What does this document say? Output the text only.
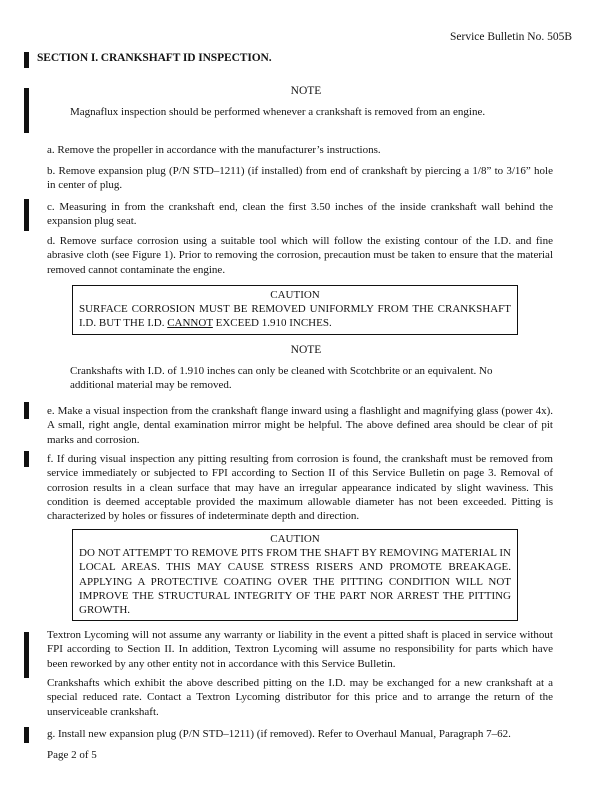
Service Bulletin No. 505B
SECTION I. CRANKSHAFT ID INSPECTION.
NOTE
Magnaflux inspection should be performed whenever a crankshaft is removed from an engine.
a. Remove the propeller in accordance with the manufacturer’s instructions.
b. Remove expansion plug (P/N STD–1211) (if installed) from end of crankshaft by piercing a 1/8” to 3/16” hole in center of plug.
c. Measuring in from the crankshaft end, clean the first 3.50 inches of the inside crankshaft wall behind the expansion plug seat.
d. Remove surface corrosion using a suitable tool which will follow the existing contour of the I.D. and fine abrasive cloth (see Figure 1). Prior to removing the corrosion, precaution must be taken to ensure that the material removed cannot contaminate the engine.
CAUTION
SURFACE CORROSION MUST BE REMOVED UNIFORMLY FROM THE CRANKSHAFT I.D. BUT THE I.D. CANNOT EXCEED 1.910 INCHES.
NOTE
Crankshafts with I.D. of 1.910 inches can only be cleaned with Scotchbrite or an equivalent. No additional material may be removed.
e. Make a visual inspection from the crankshaft flange inward using a flashlight and magnifying glass (power 4x). A small, right angle, dental examination mirror might be helpful. The above defined area should be clear of pit marks and corrosion.
f. If during visual inspection any pitting resulting from corrosion is found, the crankshaft must be removed from service immediately or subjected to FPI according to Section II of this Service Bulletin on page 3. Removal of corrosion results in a clean surface that may have an irregular appearance indicated by slight waviness. This condition is deemed acceptable provided the maximum allowable diameter has not been exceeded. Pitting is characterized by holes or fissures of indeterminate depth and direction.
CAUTION
DO NOT ATTEMPT TO REMOVE PITS FROM THE SHAFT BY REMOVING MATERIAL IN LOCAL AREAS. THIS MAY CAUSE STRESS RISERS AND PROMOTE BREAKAGE. APPLYING A PROTECTIVE COATING OVER THE PITTING CONDITION WILL NOT IMPROVE THE STRUCTURAL INTEGRITY OF THE PART NOR ARREST THE PITTING GROWTH.
Textron Lycoming will not assume any warranty or liability in the event a pitted shaft is placed in service without FPI according to Section II. In addition, Textron Lycoming will assume no responsibility for parts which have been reworked by any other entity not in accordance with this Service Bulletin.
Crankshafts which exhibit the above described pitting on the I.D. may be exchanged for a new crankshaft at a special reduced rate. Contact a Textron Lycoming distributor for this price and to arrange the return of the unserviceable crankshaft.
g. Install new expansion plug (P/N STD–1211) (if removed). Refer to Overhaul Manual, Paragraph 7–62.
Page 2 of 5
